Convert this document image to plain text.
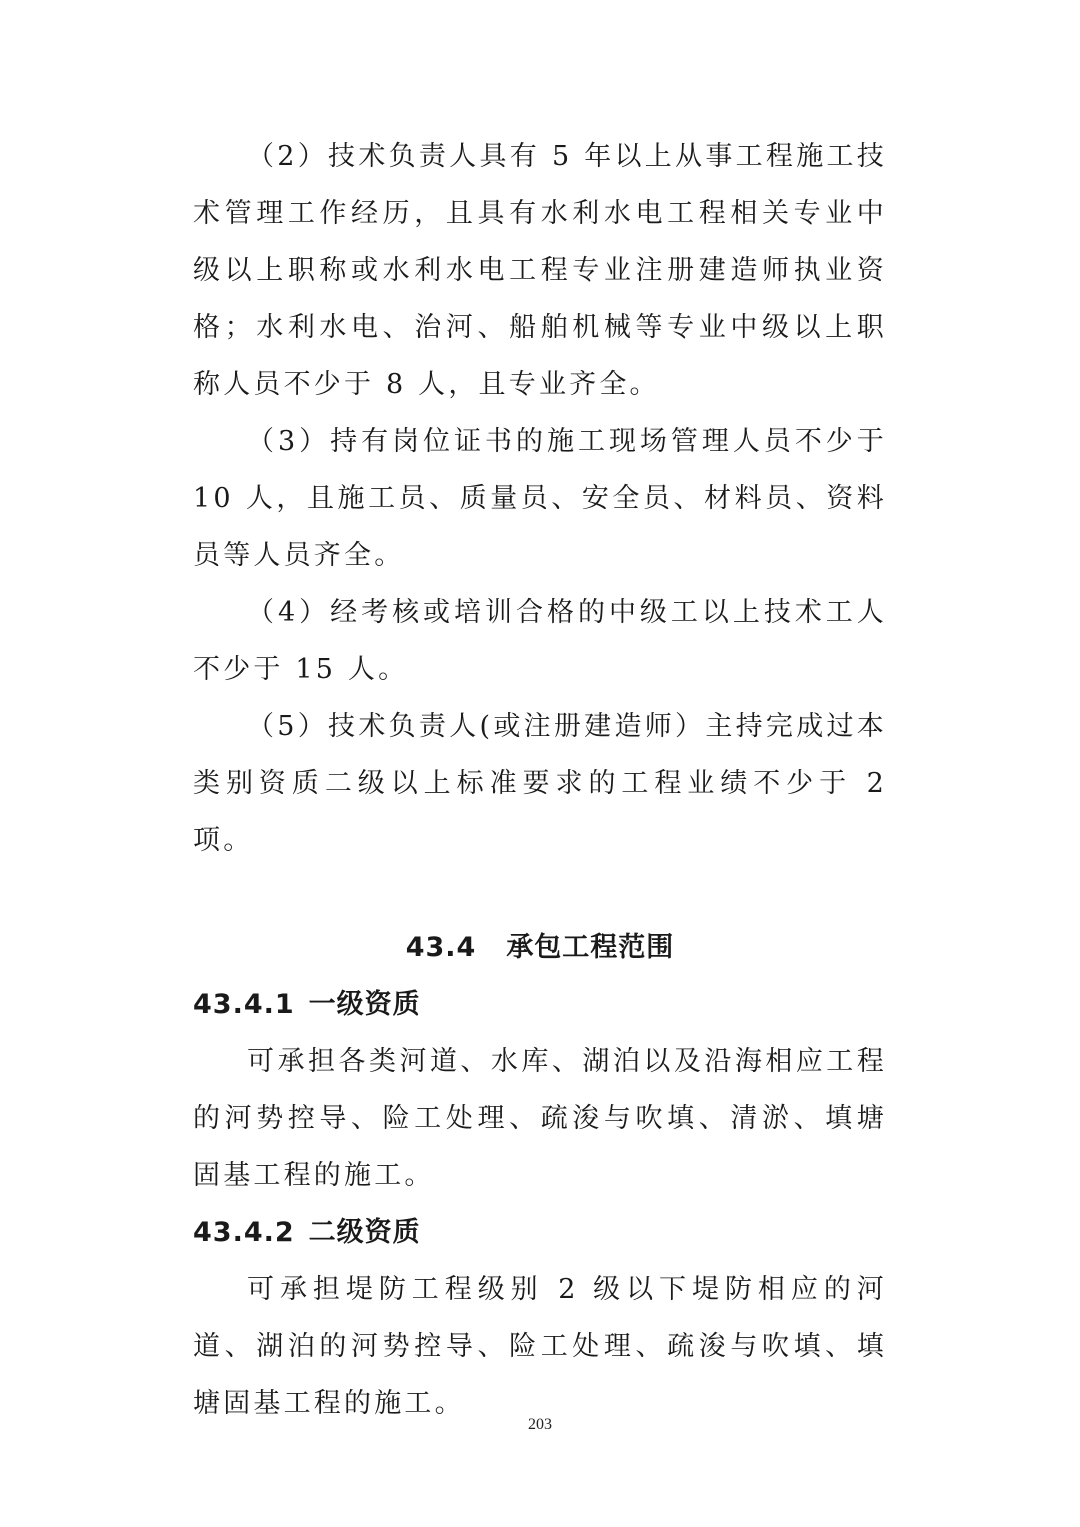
（2）技术负责人具有 5 年以上从事工程施工技术管理工作经历，且具有水利水电工程相关专业中级以上职称或水利水电工程专业注册建造师执业资格；水利水电、治河、船舶机械等专业中级以上职称人员不少于 8 人，且专业齐全。

（3）持有岗位证书的施工现场管理人员不少于 10 人，且施工员、质量员、安全员、材料员、资料员等人员齐全。

（4）经考核或培训合格的中级工以上技术工人不少于 15 人。

（5）技术负责人(或注册建造师）主持完成过本类别资质二级以上标准要求的工程业绩不少于 2 项。

43.4 承包工程范围
43.4.1 一级资质

可承担各类河道、水库、湖泊以及沿海相应工程的河势控导、险工处理、疏浚与吹填、清淤、填塘固基工程的施工。

43.4.2 二级资质

可承担堤防工程级别 2 级以下堤防相应的河道、湖泊的河势控导、险工处理、疏浚与吹填、填塘固基工程的施工。

203
